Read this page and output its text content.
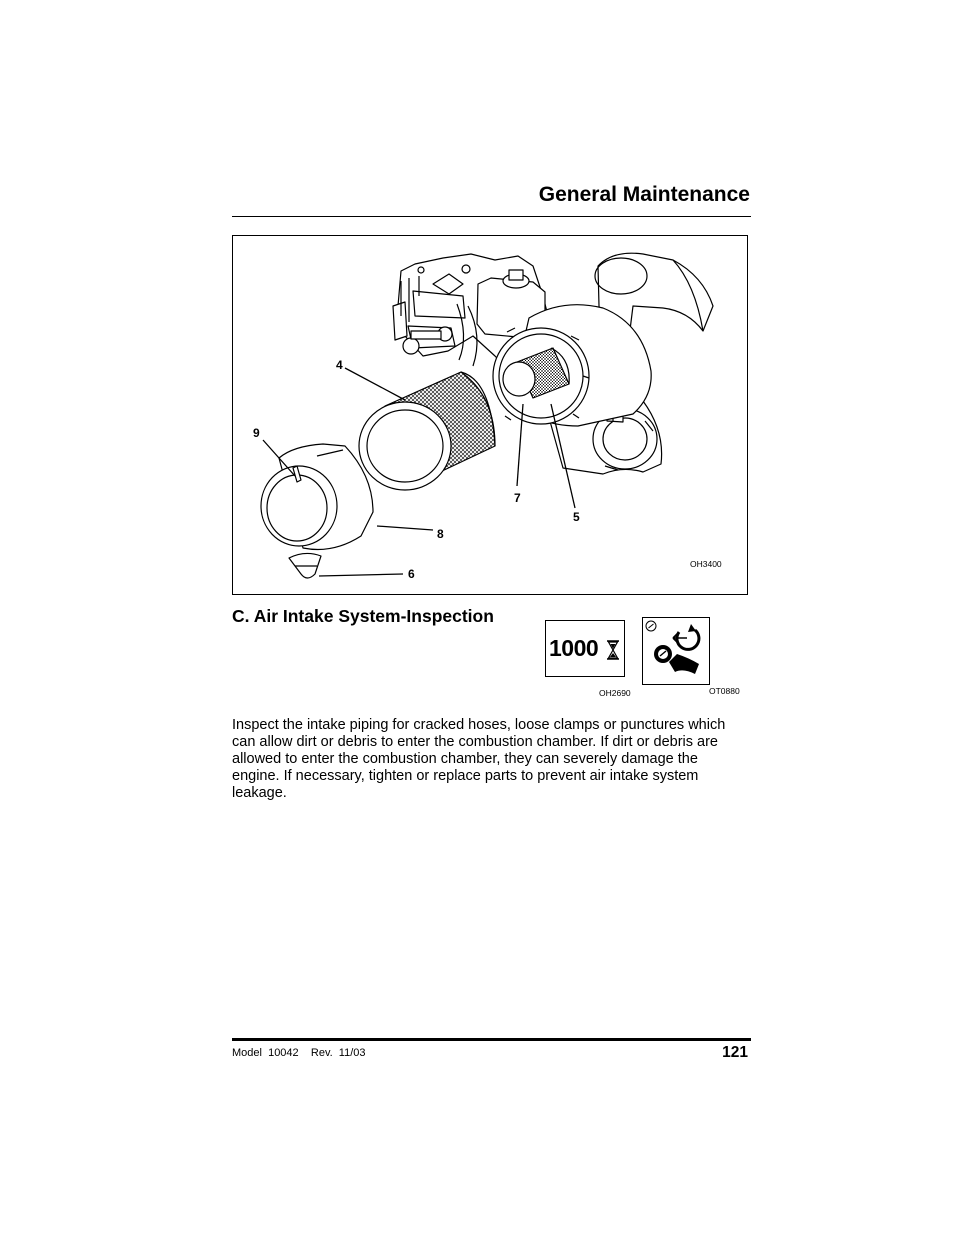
General Maintenance
4
9
7
5
8
6
OH3400
C. Air Intake System-Inspection
1000
OH2690	OT0880
Inspect the intake piping for cracked hoses, loose clamps or punctures which can allow dirt or debris to enter the combustion chamber. If dirt or debris are allowed to enter the combustion chamber, they can severely damage the engine. If necessary, tighten or replace parts to prevent air intake system leakage.
Model  10042    Rev.  11/03	121
